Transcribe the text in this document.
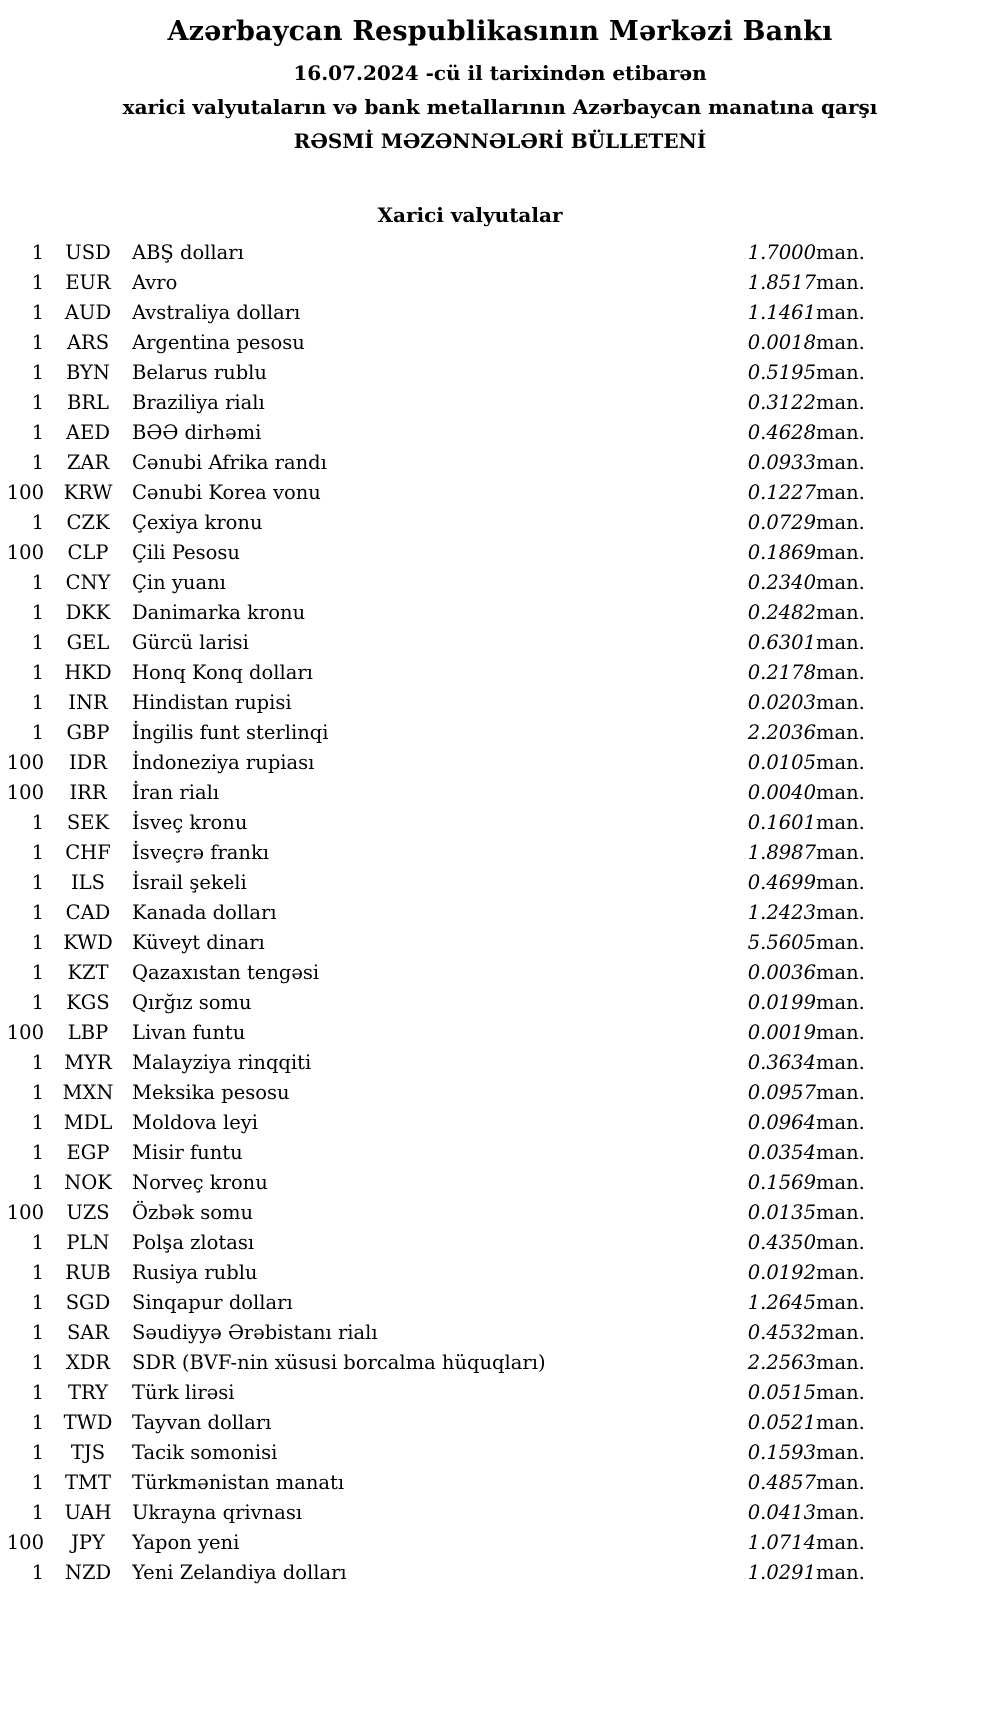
Azərbaycan Respublikasının Mərkəzi Bankı
16.07.2024 -cü il tarixindən etibarən
xarici valyutaların və bank metallarının Azərbaycan manatına qarşı
RƏSMİ MƏZƏNNƏLƏRİ BÜLLETENİ
Xarici valyutalar
1	USD	ABŞ dolları	1.7000	man.
1	EUR	Avro	1.8517	man.
1	AUD	Avstraliya dolları	1.1461	man.
1	ARS	Argentina pesosu	0.0018	man.
1	BYN	Belarus rublu	0.5195	man.
1	BRL	Braziliya rialı	0.3122	man.
1	AED	BƏƏ dirhəmi	0.4628	man.
1	ZAR	Cənubi Afrika randı	0.0933	man.
100	KRW	Cənubi Korea vonu	0.1227	man.
1	CZK	Çexiya kronu	0.0729	man.
100	CLP	Çili Pesosu	0.1869	man.
1	CNY	Çin yuanı	0.2340	man.
1	DKK	Danimarka kronu	0.2482	man.
1	GEL	Gürcü larisi	0.6301	man.
1	HKD	Honq Konq dolları	0.2178	man.
1	INR	Hindistan rupisi	0.0203	man.
1	GBP	İngilis funt sterlinqi	2.2036	man.
100	IDR	İndoneziya rupiası	0.0105	man.
100	IRR	İran rialı	0.0040	man.
1	SEK	İsveç kronu	0.1601	man.
1	CHF	İsveçrə frankı	1.8987	man.
1	ILS	İsrail şekeli	0.4699	man.
1	CAD	Kanada dolları	1.2423	man.
1	KWD	Küveyt dinarı	5.5605	man.
1	KZT	Qazaxıstan tengəsi	0.0036	man.
1	KGS	Qırğız somu	0.0199	man.
100	LBP	Livan funtu	0.0019	man.
1	MYR	Malayziya rinqqiti	0.3634	man.
1	MXN	Meksika pesosu	0.0957	man.
1	MDL	Moldova leyi	0.0964	man.
1	EGP	Misir funtu	0.0354	man.
1	NOK	Norveç kronu	0.1569	man.
100	UZS	Özbək somu	0.0135	man.
1	PLN	Polşa zlotası	0.4350	man.
1	RUB	Rusiya rublu	0.0192	man.
1	SGD	Sinqapur dolları	1.2645	man.
1	SAR	Səudiyyə Ərəbistanı rialı	0.4532	man.
1	XDR	SDR (BVF-nin xüsusi borcalma hüquqları)	2.2563	man.
1	TRY	Türk lirəsi	0.0515	man.
1	TWD	Tayvan dolları	0.0521	man.
1	TJS	Tacik somonisi	0.1593	man.
1	TMT	Türkmənistan manatı	0.4857	man.
1	UAH	Ukrayna qrivnası	0.0413	man.
100	JPY	Yapon yeni	1.0714	man.
1	NZD	Yeni Zelandiya dolları	1.0291	man.
